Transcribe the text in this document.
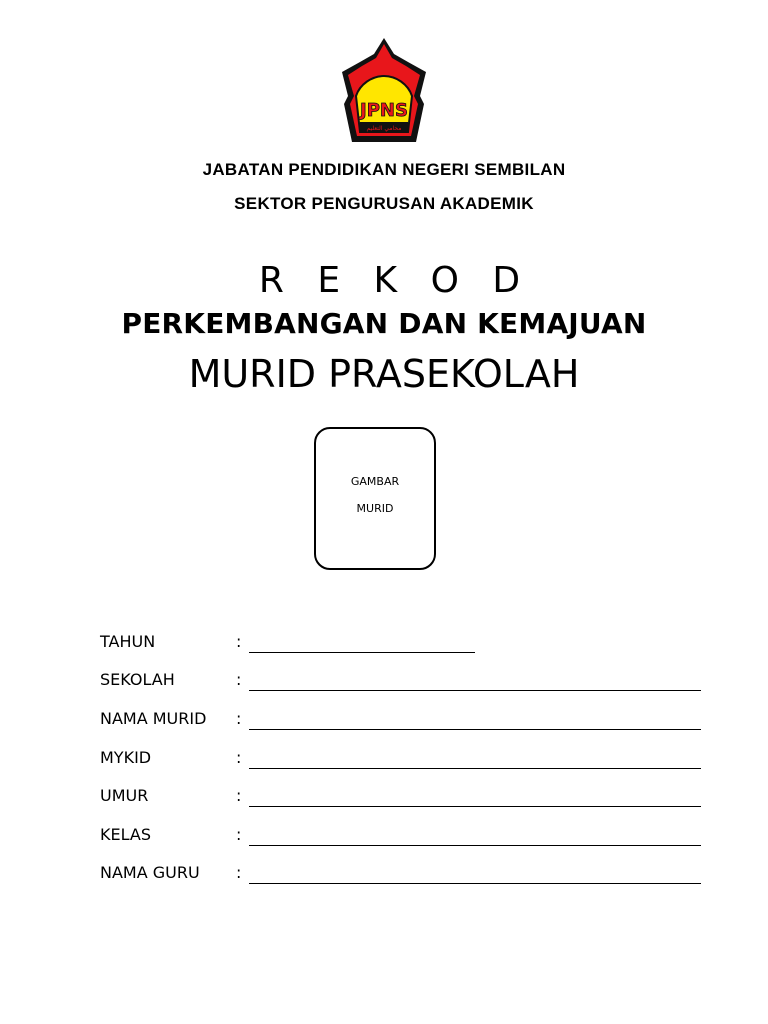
JPNS
ﻣﺤﺎﻣﻲ ﺍﻟﺘﻌﻠﻴﻢ
JABATAN PENDIDIKAN NEGERI SEMBILAN
SEKTOR PENGURUSAN AKADEMIK
R E K O D
PERKEMBANGAN DAN KEMAJUAN
MURID PRASEKOLAH
GAMBAR
MURID
TAHUN	:
SEKOLAH	:
NAMA MURID :
MYKID	:
UMUR	:
KELAS	:
NAMA GURU :
